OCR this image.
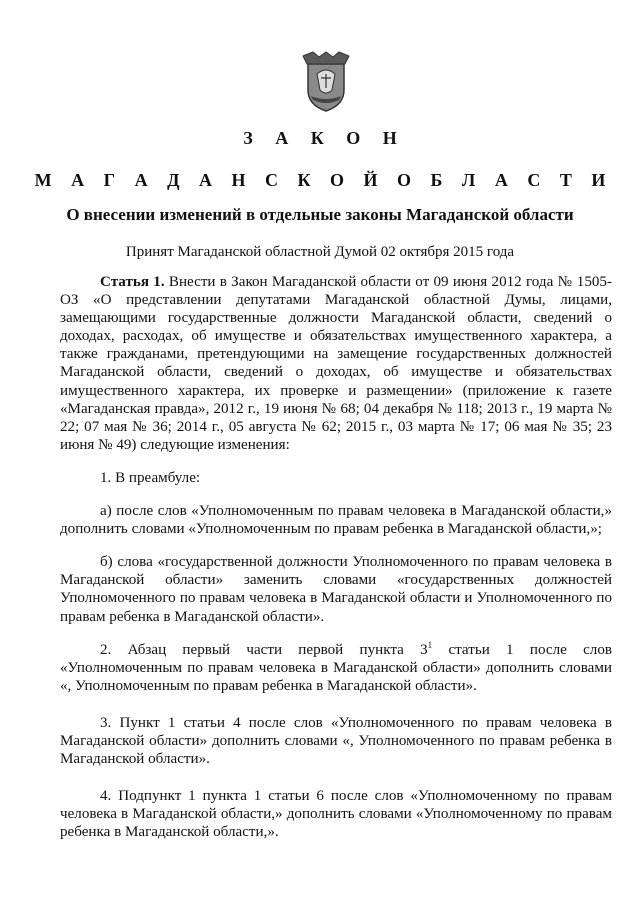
З А К О Н
М А Г А Д А Н С К О Й О Б Л А С Т И
О внесении изменений в отдельные законы Магаданской области
Принят Магаданской областной Думой 02 октября 2015 года

Статья 1. Внести в Закон Магаданской области от 09 июня 2012 года № 1505-ОЗ «О представлении депутатами Магаданской областной Думы, лицами, замещающими государственные должности Магаданской области, сведений о доходах, расходах, об имуществе и обязательствах имущественного характера, а также гражданами, претендующими на замещение государственных должностей Магаданской области, сведений о доходах, об имуществе и обязательствах имущественного характера, их проверке и размещении» (приложение к газете «Магаданская правда», 2012 г., 19 июня № 68; 04 декабря № 118; 2013 г., 19 марта № 22; 07 мая № 36; 2014 г., 05 августа № 62; 2015 г., 03 марта № 17; 06 мая № 35; 23 июня № 49) следующие изменения:

1. В преамбуле:

а) после слов «Уполномоченным по правам человека в Магаданской области,» дополнить словами «Уполномоченным по правам ребенка в Магаданской области,»;

б) слова «государственной должности Уполномоченного по правам человека в Магаданской области» заменить словами «государственных должностей Уполномоченного по правам человека в Магаданской области и Уполномоченного по правам ребенка в Магаданской области».

2. Абзац первый части первой пункта $3^1$ статьи 1 после слов «Уполномоченным по правам человека в Магаданской области» дополнить словами «, Уполномоченным по правам ребенка в Магаданской области».

3. Пункт 1 статьи 4 после слов «Уполномоченного по правам человека в Магаданской области» дополнить словами «, Уполномоченного по правам ребенка в Магаданской области».

4. Подпункт 1 пункта 1 статьи 6 после слов «Уполномоченному по правам человека в Магаданской области,» дополнить словами «Уполномоченному по правам ребенка в Магаданской области,».
